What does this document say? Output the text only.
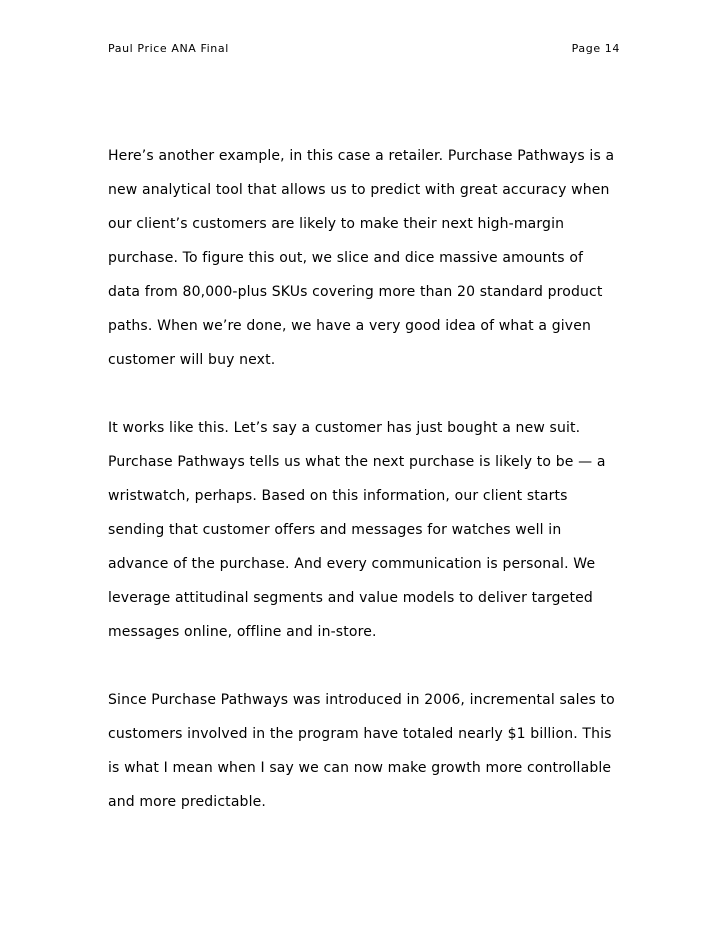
Paul Price ANA Final	Page 14
Here’s another example, in this case a retailer. Purchase Pathways is a
new analytical tool that allows us to predict with great accuracy when
our client’s customers are likely to make their next high-margin
purchase. To figure this out, we slice and dice massive amounts of
data from 80,000-plus SKUs covering more than 20 standard product
paths. When we’re done, we have a very good idea of what a given
customer will buy next.
It works like this. Let’s say a customer has just bought a new suit.
Purchase Pathways tells us what the next purchase is likely to be — a
wristwatch, perhaps. Based on this information, our client starts
sending that customer offers and messages for watches well in
advance of the purchase. And every communication is personal. We
leverage attitudinal segments and value models to deliver targeted
messages online, offline and in-store.
Since Purchase Pathways was introduced in 2006, incremental sales to
customers involved in the program have totaled nearly $1 billion. This
is what I mean when I say we can now make growth more controllable
and more predictable.
